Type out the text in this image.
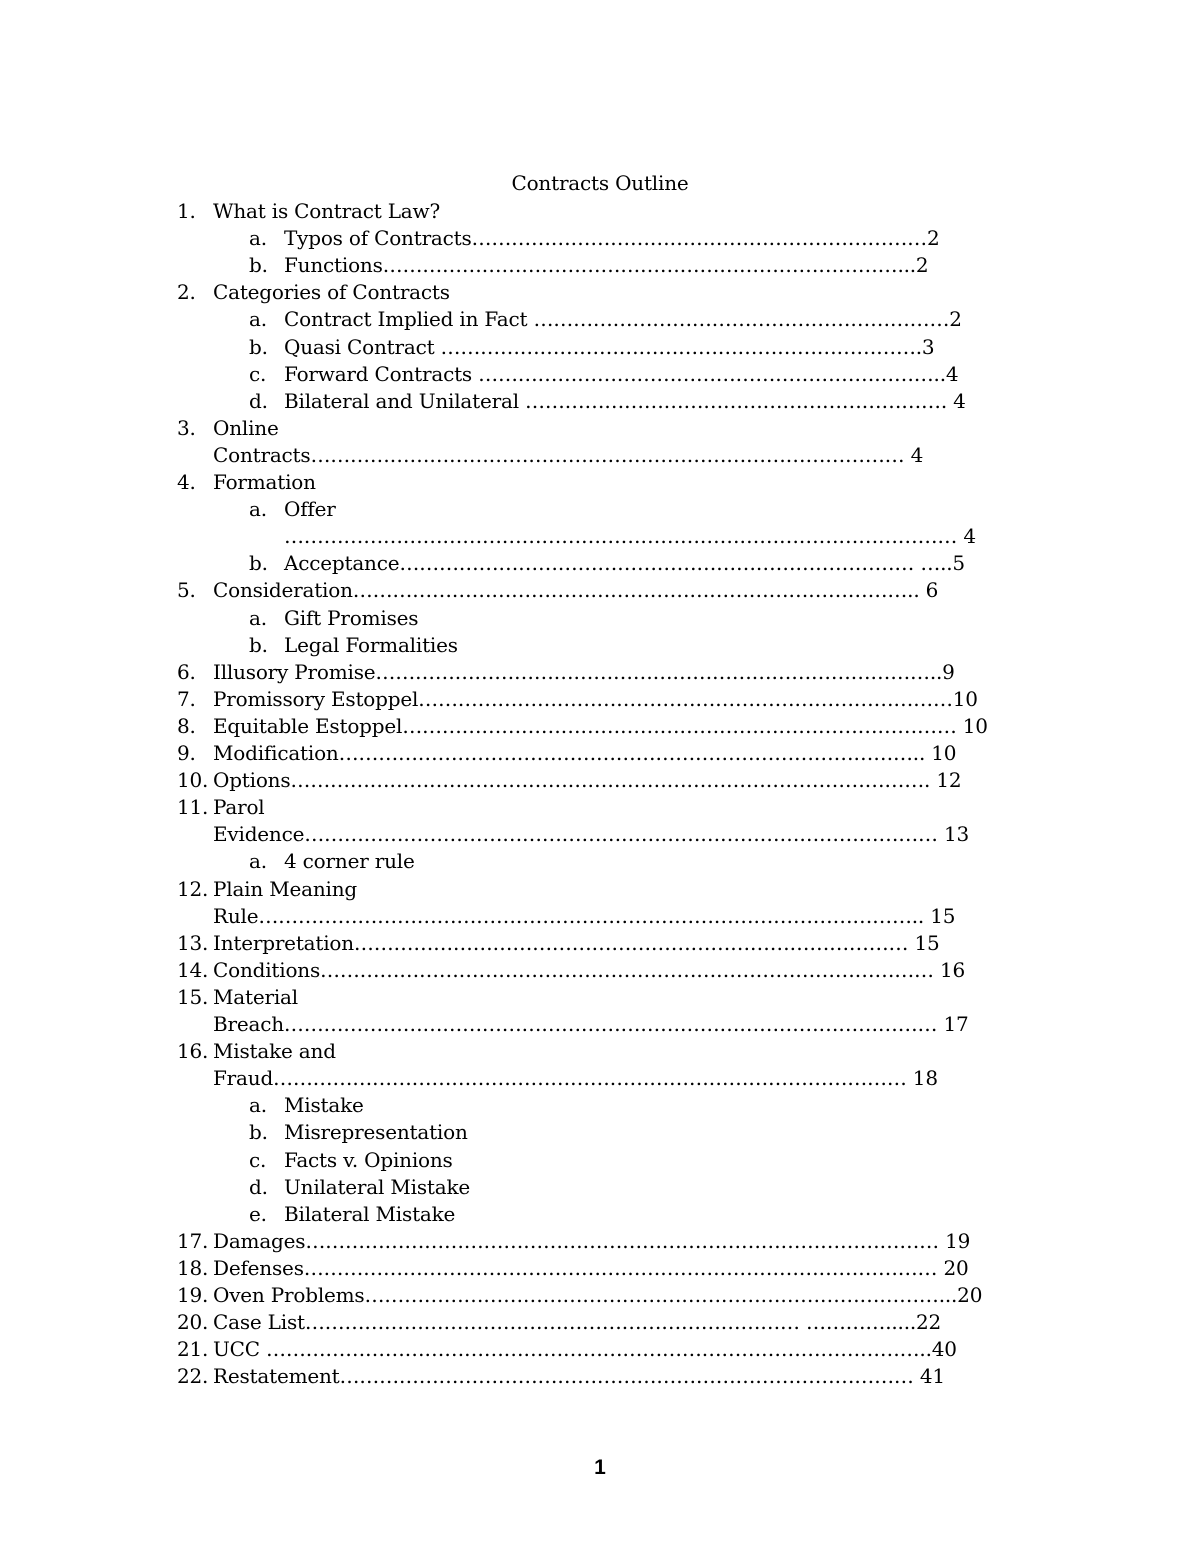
Contracts Outline
1. What is Contract Law?
a. Typos of Contracts……………………………………………………………2
b. Functions……………………………………………………………………...2
2. Categories of Contracts
a. Contract Implied in Fact ………………………………………………………2
b. Quasi Contract ……………………………………………………………….3
c. Forward Contracts ……………………………………………………………..4
d. Bilateral and Unilateral ………………………………………………………. 4
3. Online
Contracts……………………………………………………………………………… 4
4. Formation
a. Offer
………………………………………………………………………………………… 4
b. Acceptance…………………………………………………………………… …..5
5. Consideration………………………………………………………………………….. 6
a. Gift Promises
b. Legal Formalities
6. Illusory Promise…………………………………………………………………………..9
7. Promissory Estoppel………………………………………………………………………10
8. Equitable Estoppel………………………………………………………………………… 10
9. Modification…………………………………………………………………………….. 10
10. Options……………………………………………………………………………………. 12
11. Parol
Evidence…………………………………………………………………………………… 13
a. 4 corner rule
12. Plain Meaning
Rule……………………………………………………………………………………….. 15
13. Interpretation………………………………………………………………………… 15
14. Conditions………………………………………………………………………………… 16
15. Material
Breach……………………………………………………………………………………… 17
16. Mistake and
Fraud…………………………………………………………………………………… 18
a. Mistake
b. Misrepresentation
c. Facts v. Opinions
d. Unilateral Mistake
e. Bilateral Mistake
17. Damages…………………………………………………………………………………… 19
18. Defenses…………………………………………………………………………………… 20
19. Oven Problems……………………………………………………………………………...20
20. Case List………………………………………………………………… ………….....22
21. UCC ………………………………………………………………………………………..40
22. Restatement…………………………………………………………………………… 41
1
